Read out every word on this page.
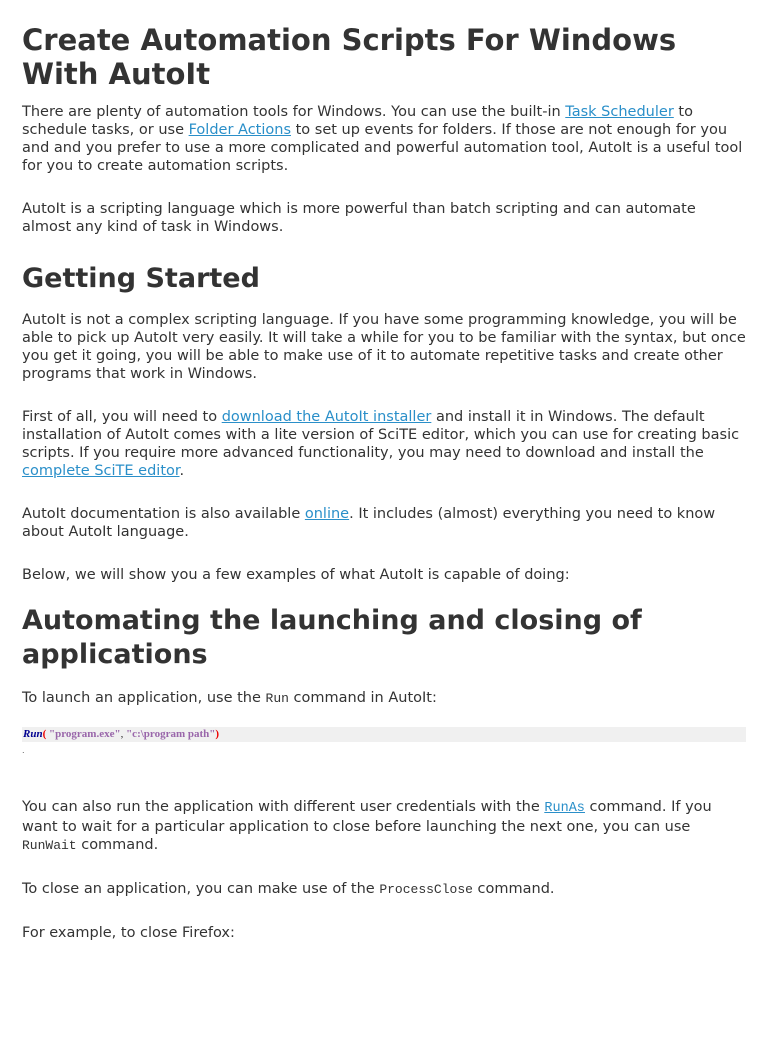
Create Automation Scripts For Windows With AutoIt

There are plenty of automation tools for Windows. You can use the built-in Task Scheduler to schedule tasks, or use Folder Actions to set up events for folders. If those are not enough for you and and you prefer to use a more complicated and powerful automation tool, AutoIt is a useful tool for you to create automation scripts.

AutoIt is a scripting language which is more powerful than batch scripting and can automate almost any kind of task in Windows.

Getting Started

AutoIt is not a complex scripting language. If you have some programming knowledge, you will be able to pick up AutoIt very easily. It will take a while for you to be familiar with the syntax, but once you get it going, you will be able to make use of it to automate repetitive tasks and create other programs that work in Windows.

First of all, you will need to download the AutoIt installer and install it in Windows. The default installation of AutoIt comes with a lite version of SciTE editor, which you can use for creating basic scripts. If you require more advanced functionality, you may need to download and install the complete SciTE editor.

AutoIt documentation is also available online. It includes (almost) everything you need to know about AutoIt language.

Below, we will show you a few examples of what AutoIt is capable of doing:

Automating the launching and closing of applications

To launch an application, use the Run command in AutoIt:

Run( "program.exe", "c:\program path")
.

You can also run the application with different user credentials with the RunAs command. If you want to wait for a particular application to close before launching the next one, you can use RunWait command.

To close an application, you can make use of the ProcessClose command.

For example, to close Firefox:
